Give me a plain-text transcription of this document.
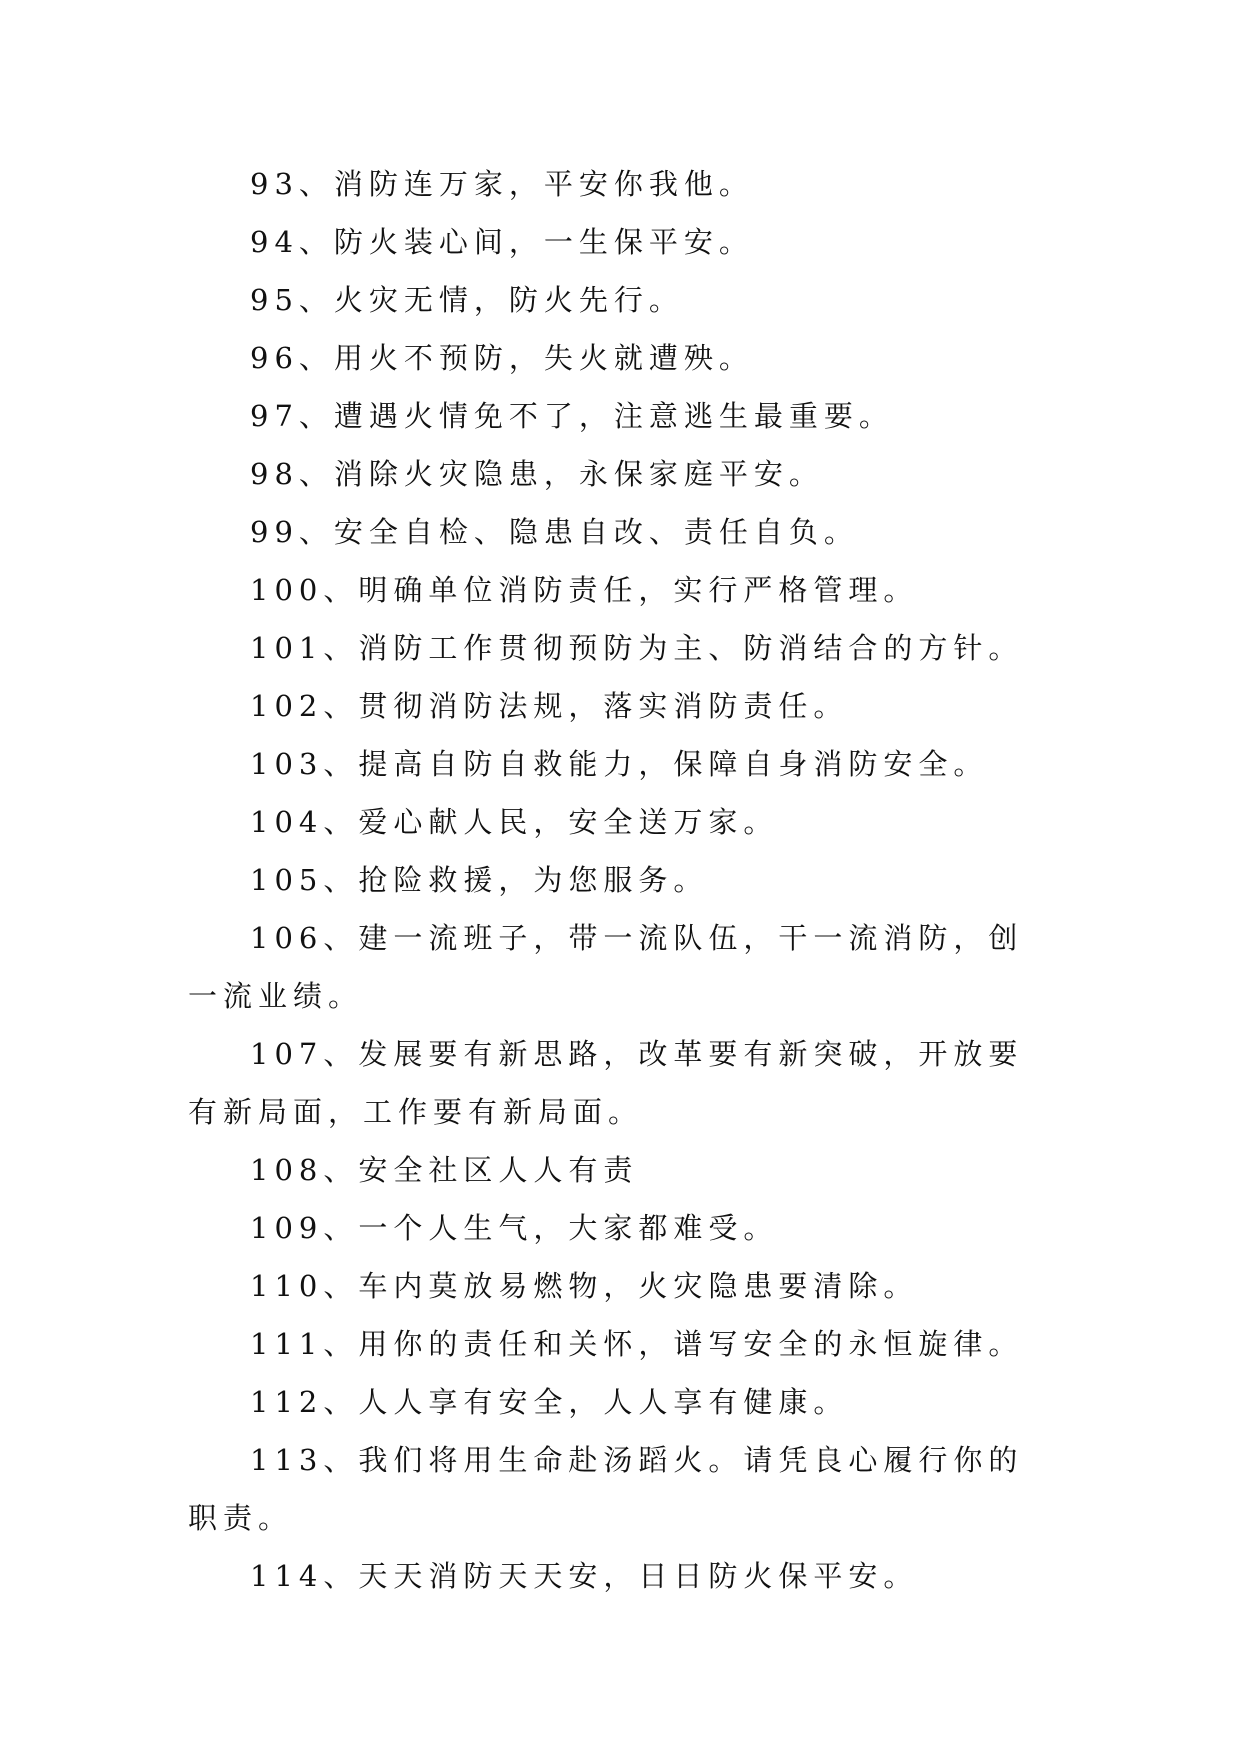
93、消防连万家，平安你我他。

94、防火装心间，一生保平安。

95、火灾无情，防火先行。

96、用火不预防，失火就遭殃。

97、遭遇火情免不了，注意逃生最重要。

98、消除火灾隐患，永保家庭平安。

99、安全自检、隐患自改、责任自负。

100、明确单位消防责任，实行严格管理。

101、消防工作贯彻预防为主、防消结合的方针。

102、贯彻消防法规，落实消防责任。

103、提高自防自救能力，保障自身消防安全。

104、爱心献人民，安全送万家。

105、抢险救援，为您服务。

106、建一流班子，带一流队伍，干一流消防，创一流业绩。

107、发展要有新思路，改革要有新突破，开放要有新局面，工作要有新局面。

108、安全社区人人有责

109、一个人生气，大家都难受。

110、车内莫放易燃物，火灾隐患要清除。

111、用你的责任和关怀，谱写安全的永恒旋律。

112、人人享有安全，人人享有健康。

113、我们将用生命赴汤蹈火。请凭良心履行你的职责。

114、天天消防天天安，日日防火保平安。
